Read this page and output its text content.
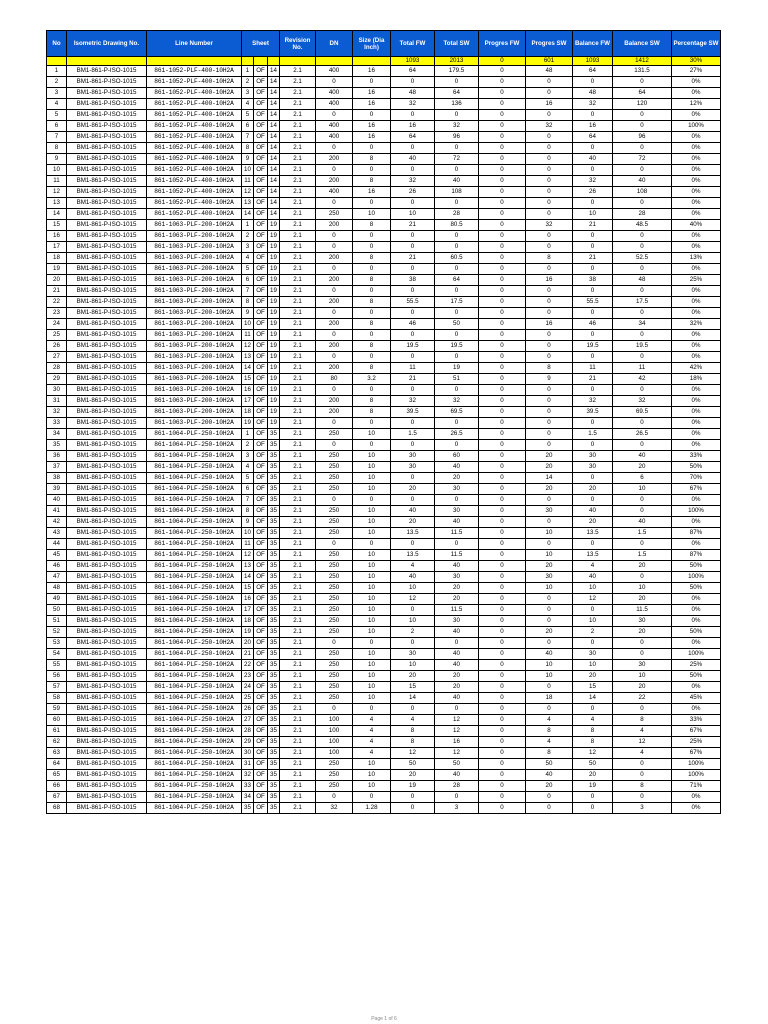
No	Isometric Drawing No.	Line Number	Sheet			Revision No.	DN	Size (Dia Inch)	Total FW	Total SW	Progres FW	Progres SW	Balance FW	Balance SW	Percentage SW
									1093	2013	0	601	1093	1412	30%
1	BM1-861-P-ISO-1015	861-1052-PLF-400-10H2A	1	OF	14	2.1	400	16	64	179.5	0	48	64	131.5	27%
2	BM1-861-P-ISO-1015	861-1052-PLF-400-10H2A	2	OF	14	2.1	0	0	0	0	0	0	0	0	0%
3	BM1-861-P-ISO-1015	861-1052-PLF-400-10H2A	3	OF	14	2.1	400	16	48	64	0	0	48	64	0%
4	BM1-861-P-ISO-1015	861-1052-PLF-400-10H2A	4	OF	14	2.1	400	16	32	136	0	16	32	120	12%
5	BM1-861-P-ISO-1015	861-1052-PLF-400-10H2A	5	OF	14	2.1	0	0	0	0	0	0	0	0	0%
6	BM1-861-P-ISO-1015	861-1052-PLF-400-10H2A	6	OF	14	2.1	400	16	16	32	0	32	16	0	100%
7	BM1-861-P-ISO-1015	861-1052-PLF-400-10H2A	7	OF	14	2.1	400	16	64	96	0	0	64	96	0%
8	BM1-861-P-ISO-1015	861-1052-PLF-400-10H2A	8	OF	14	2.1	0	0	0	0	0	0	0	0	0%
9	BM1-861-P-ISO-1015	861-1052-PLF-400-10H2A	9	OF	14	2.1	200	8	40	72	0	0	40	72	0%
10	BM1-861-P-ISO-1015	861-1052-PLF-400-10H2A	10	OF	14	2.1	0	0	0	0	0	0	0	0	0%
11	BM1-861-P-ISO-1015	861-1052-PLF-400-10H2A	11	OF	14	2.1	200	8	32	40	0	0	32	40	0%
12	BM1-861-P-ISO-1015	861-1052-PLF-400-10H2A	12	OF	14	2.1	400	16	26	108	0	0	26	108	0%
13	BM1-861-P-ISO-1015	861-1052-PLF-400-10H2A	13	OF	14	2.1	0	0	0	0	0	0	0	0	0%
14	BM1-861-P-ISO-1015	861-1052-PLF-400-10H2A	14	OF	14	2.1	250	10	10	28	0	0	10	28	0%
15	BM1-861-P-ISO-1015	861-1063-PLF-200-10H2A	1	OF	19	2.1	200	8	21	80.5	0	32	21	48.5	40%
16	BM1-861-P-ISO-1015	861-1063-PLF-200-10H2A	2	OF	19	2.1	0	0	0	0	0	0	0	0	0%
17	BM1-861-P-ISO-1015	861-1063-PLF-200-10H2A	3	OF	19	2.1	0	0	0	0	0	0	0	0	0%
18	BM1-861-P-ISO-1015	861-1063-PLF-200-10H2A	4	OF	19	2.1	200	8	21	60.5	0	8	21	52.5	13%
19	BM1-861-P-ISO-1015	861-1063-PLF-200-10H2A	5	OF	19	2.1	0	0	0	0	0	0	0	0	0%
20	BM1-861-P-ISO-1015	861-1063-PLF-200-10H2A	6	OF	19	2.1	200	8	38	64	0	16	38	48	25%
21	BM1-861-P-ISO-1015	861-1063-PLF-200-10H2A	7	OF	19	2.1	0	0	0	0	0	0	0	0	0%
22	BM1-861-P-ISO-1015	861-1063-PLF-200-10H2A	8	OF	19	2.1	200	8	55.5	17.5	0	0	55.5	17.5	0%
23	BM1-861-P-ISO-1015	861-1063-PLF-200-10H2A	9	OF	19	2.1	0	0	0	0	0	0	0	0	0%
24	BM1-861-P-ISO-1015	861-1063-PLF-200-10H2A	10	OF	19	2.1	200	8	46	50	0	16	46	34	32%
25	BM1-861-P-ISO-1015	861-1063-PLF-200-10H2A	11	OF	19	2.1	0	0	0	0	0	0	0	0	0%
26	BM1-861-P-ISO-1015	861-1063-PLF-200-10H2A	12	OF	19	2.1	200	8	19.5	19.5	0	0	19.5	19.5	0%
27	BM1-861-P-ISO-1015	861-1063-PLF-200-10H2A	13	OF	19	2.1	0	0	0	0	0	0	0	0	0%
28	BM1-861-P-ISO-1015	861-1063-PLF-200-10H2A	14	OF	19	2.1	200	8	11	19	0	8	11	11	42%
29	BM1-861-P-ISO-1015	861-1063-PLF-200-10H2A	15	OF	19	2.1	80	3.2	21	51	0	9	21	42	18%
30	BM1-861-P-ISO-1015	861-1063-PLF-200-10H2A	16	OF	19	2.1	0	0	0	0	0	0	0	0	0%
31	BM1-861-P-ISO-1015	861-1063-PLF-200-10H2A	17	OF	19	2.1	200	8	32	32	0	0	32	32	0%
32	BM1-861-P-ISO-1015	861-1063-PLF-200-10H2A	18	OF	19	2.1	200	8	39.5	69.5	0	0	39.5	69.5	0%
33	BM1-861-P-ISO-1015	861-1063-PLF-200-10H2A	19	OF	19	2.1	0	0	0	0	0	0	0	0	0%
34	BM1-861-P-ISO-1015	861-1064-PLF-250-10H2A	1	OF	35	2.1	250	10	1.5	26.5	0	0	1.5	26.5	0%
35	BM1-861-P-ISO-1015	861-1064-PLF-250-10H2A	2	OF	35	2.1	0	0	0	0	0	0	0	0	0%
36	BM1-861-P-ISO-1015	861-1064-PLF-250-10H2A	3	OF	35	2.1	250	10	30	60	0	20	30	40	33%
37	BM1-861-P-ISO-1015	861-1064-PLF-250-10H2A	4	OF	35	2.1	250	10	30	40	0	20	30	20	50%
38	BM1-861-P-ISO-1015	861-1064-PLF-250-10H2A	5	OF	35	2.1	250	10	0	20	0	14	0	6	70%
39	BM1-861-P-ISO-1015	861-1064-PLF-250-10H2A	6	OF	35	2.1	250	10	20	30	0	20	20	10	67%
40	BM1-861-P-ISO-1015	861-1064-PLF-250-10H2A	7	OF	35	2.1	0	0	0	0	0	0	0	0	0%
41	BM1-861-P-ISO-1015	861-1064-PLF-250-10H2A	8	OF	35	2.1	250	10	40	30	0	30	40	0	100%
42	BM1-861-P-ISO-1015	861-1064-PLF-250-10H2A	9	OF	35	2.1	250	10	20	40	0	0	20	40	0%
43	BM1-861-P-ISO-1015	861-1064-PLF-250-10H2A	10	OF	35	2.1	250	10	13.5	11.5	0	10	13.5	1.5	87%
44	BM1-861-P-ISO-1015	861-1064-PLF-250-10H2A	11	OF	35	2.1	0	0	0	0	0	0	0	0	0%
45	BM1-861-P-ISO-1015	861-1064-PLF-250-10H2A	12	OF	35	2.1	250	10	13.5	11.5	0	10	13.5	1.5	87%
46	BM1-861-P-ISO-1015	861-1064-PLF-250-10H2A	13	OF	35	2.1	250	10	4	40	0	20	4	20	50%
47	BM1-861-P-ISO-1015	861-1064-PLF-250-10H2A	14	OF	35	2.1	250	10	40	30	0	30	40	0	100%
48	BM1-861-P-ISO-1015	861-1064-PLF-250-10H2A	15	OF	35	2.1	250	10	10	20	0	10	10	10	50%
49	BM1-861-P-ISO-1015	861-1064-PLF-250-10H2A	16	OF	35	2.1	250	10	12	20	0	0	12	20	0%
50	BM1-861-P-ISO-1015	861-1064-PLF-250-10H2A	17	OF	35	2.1	250	10	0	11.5	0	0	0	11.5	0%
51	BM1-861-P-ISO-1015	861-1064-PLF-250-10H2A	18	OF	35	2.1	250	10	10	30	0	0	10	30	0%
52	BM1-861-P-ISO-1015	861-1064-PLF-250-10H2A	19	OF	35	2.1	250	10	2	40	0	20	2	20	50%
53	BM1-861-P-ISO-1015	861-1064-PLF-250-10H2A	20	OF	35	2.1	0	0	0	0	0	0	0	0	0%
54	BM1-861-P-ISO-1015	861-1064-PLF-250-10H2A	21	OF	35	2.1	250	10	30	40	0	40	30	0	100%
55	BM1-861-P-ISO-1015	861-1064-PLF-250-10H2A	22	OF	35	2.1	250	10	10	40	0	10	10	30	25%
56	BM1-861-P-ISO-1015	861-1064-PLF-250-10H2A	23	OF	35	2.1	250	10	20	20	0	10	20	10	50%
57	BM1-861-P-ISO-1015	861-1064-PLF-250-10H2A	24	OF	35	2.1	250	10	15	20	0	0	15	20	0%
58	BM1-861-P-ISO-1015	861-1064-PLF-250-10H2A	25	OF	35	2.1	250	10	14	40	0	18	14	22	45%
59	BM1-861-P-ISO-1015	861-1064-PLF-250-10H2A	26	OF	35	2.1	0	0	0	0	0	0	0	0	0%
60	BM1-861-P-ISO-1015	861-1064-PLF-250-10H2A	27	OF	35	2.1	100	4	4	12	0	4	4	8	33%
61	BM1-861-P-ISO-1015	861-1064-PLF-250-10H2A	28	OF	35	2.1	100	4	8	12	0	8	8	4	67%
62	BM1-861-P-ISO-1015	861-1064-PLF-250-10H2A	29	OF	35	2.1	100	4	8	16	0	4	8	12	25%
63	BM1-861-P-ISO-1015	861-1064-PLF-250-10H2A	30	OF	35	2.1	100	4	12	12	0	8	12	4	67%
64	BM1-861-P-ISO-1015	861-1064-PLF-250-10H2A	31	OF	35	2.1	250	10	50	50	0	50	50	0	100%
65	BM1-861-P-ISO-1015	861-1064-PLF-250-10H2A	32	OF	35	2.1	250	10	20	40	0	40	20	0	100%
66	BM1-861-P-ISO-1015	861-1064-PLF-250-10H2A	33	OF	35	2.1	250	10	19	28	0	20	19	8	71%
67	BM1-861-P-ISO-1015	861-1064-PLF-250-10H2A	34	OF	35	2.1	0	0	0	0	0	0	0	0	0%
68	BM1-861-P-ISO-1015	861-1064-PLF-250-10H2A	35	OF	35	2.1	32	1.28	0	3	0	0	0	3	0%
Page 1 of 6
